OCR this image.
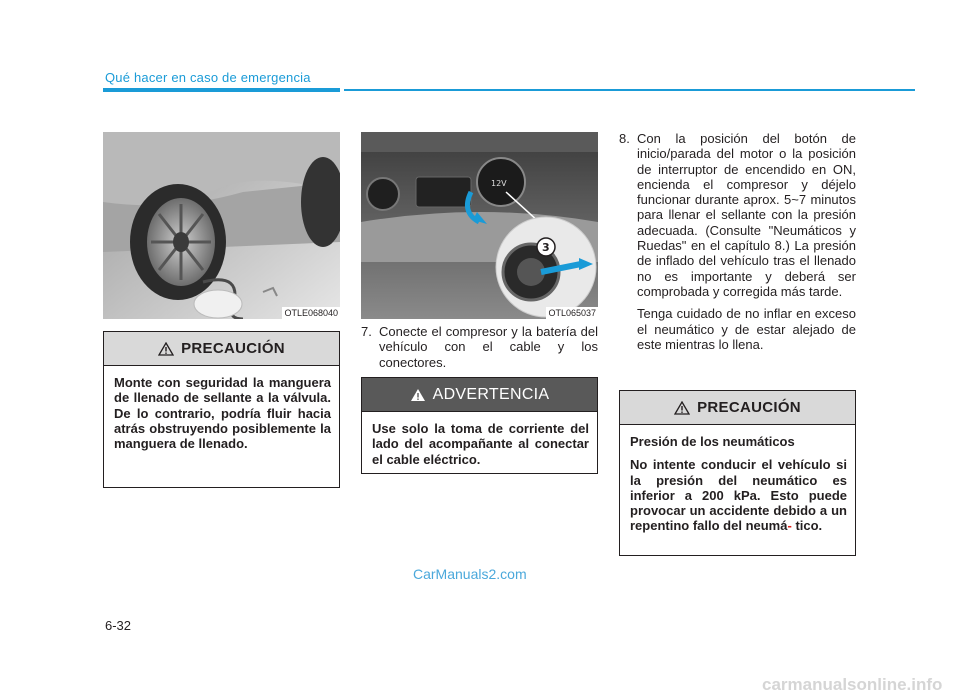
Qué hacer en caso de emergencia
OTLE068040
12V
3
OTL065037
7. Conecte el compresor y la batería del vehículo con el cable y los conectores.
8. Con la posición del botón de inicio/parada del motor o la posición de interruptor de encendido en ON, encienda el compresor y déjelo funcionar durante aprox. 5~7 minutos para llenar el sellante con la presión adecuada. (Consulte "Neumáticos y Ruedas" en el capítulo 8.) La presión de inflado del vehículo tras el llenado no es importante y deberá ser comprobada y corregida más tarde.
Tenga cuidado de no inflar en exceso el neumático y de estar alejado de este mientras lo llena.
PRECAUCIÓN

Monte con seguridad la manguera de llenado de sellante a la válvula. De lo contrario, podría fluir hacia atrás obstruyendo posiblemente la manguera de llenado.

ADVERTENCIA

Use solo la toma de corriente del lado del acompañante al conectar el cable eléctrico.

PRECAUCIÓN

Presión de los neumáticos

No intente conducir el vehículo si la presión del neumático es inferior a 200 kPa. Esto puede provocar un accidente debido a un repentino fallo del neumá- tico.

CarManuals2.com
6-32
carmanualsonline.info
